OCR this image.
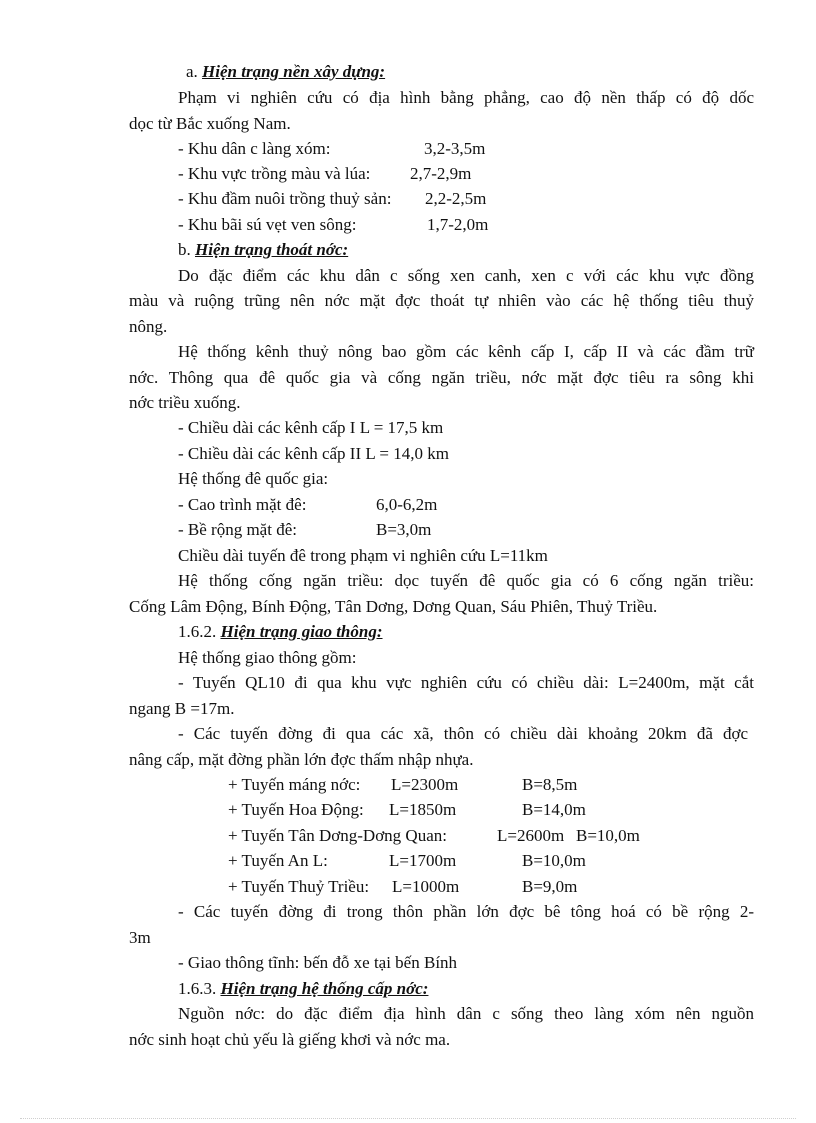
a. Hiện trạng nền xây dựng:
Phạm vi nghiên cứu có địa hình bằng phẳng, cao độ nền thấp có độ dốc
dọc từ Bắc xuống Nam.
- Khu dân c làng xóm:	3,2-3,5m
- Khu vực trồng màu và lúa: 2,7-2,9m
- Khu đầm nuôi trồng thuỷ sản: 2,2-2,5m
- Khu bãi sú vẹt ven sông:	1,7-2,0m
b. Hiện trạng thoát nớc:
Do đặc điểm các khu dân c sống xen canh, xen c với các khu vực đồng
màu và ruộng trũng nên nớc mặt đợc thoát tự nhiên vào các hệ thống tiêu thuỷ
nông.
Hệ thống kênh thuỷ nông bao gồm các kênh cấp I, cấp II và các đầm trữ
nớc. Thông qua đê quốc gia và cống ngăn triều, nớc mặt đợc tiêu ra sông khi
nớc triều xuống.
- Chiều dài các kênh cấp I L = 17,5 km
- Chiều dài các kênh cấp II L = 14,0 km
Hệ thống đê quốc gia:
- Cao trình mặt đê:	6,0-6,2m
- Bề rộng mặt đê:	B=3,0m
Chiều dài tuyến đê trong phạm vi nghiên cứu L=11km
Hệ thống cống ngăn triều: dọc tuyến đê quốc gia có 6 cống ngăn triều:
Cống Lâm Động, Bính Động, Tân Dơng, Dơng Quan, Sáu Phiên, Thuỷ Triều.
1.6.2. Hiện trạng giao thông:
Hệ thống giao thông gồm:
- Tuyến QL10 đi qua khu vực nghiên cứu có chiều dài: L=2400m, mặt cắt
ngang B =17m.
- Các tuyến đờng đi qua các xã, thôn có chiều dài khoảng 20km đã đợc
nâng cấp, mặt đờng phần lớn đợc thấm nhập nhựa.
+ Tuyến máng nớc: L=2300m	B=8,5m
+ Tuyến Hoa Động: L=1850m	B=14,0m
+ Tuyến Tân Dơng-Dơng Quan:	L=2600m B=10,0m
+ Tuyến An L:	L=1700m	B=10,0m
+ Tuyến Thuỷ Triều: L=1000m	B=9,0m
- Các tuyến đờng đi trong thôn phần lớn đợc bê tông hoá có bề rộng 2-
3m
- Giao thông tĩnh: bến đỗ xe tại bến Bính
1.6.3. Hiện trạng hệ thống cấp nớc:
Nguồn nớc: do đặc điểm địa hình dân c sống theo làng xóm nên nguồn
nớc sinh hoạt chủ yếu là giếng khơi và nớc ma.
